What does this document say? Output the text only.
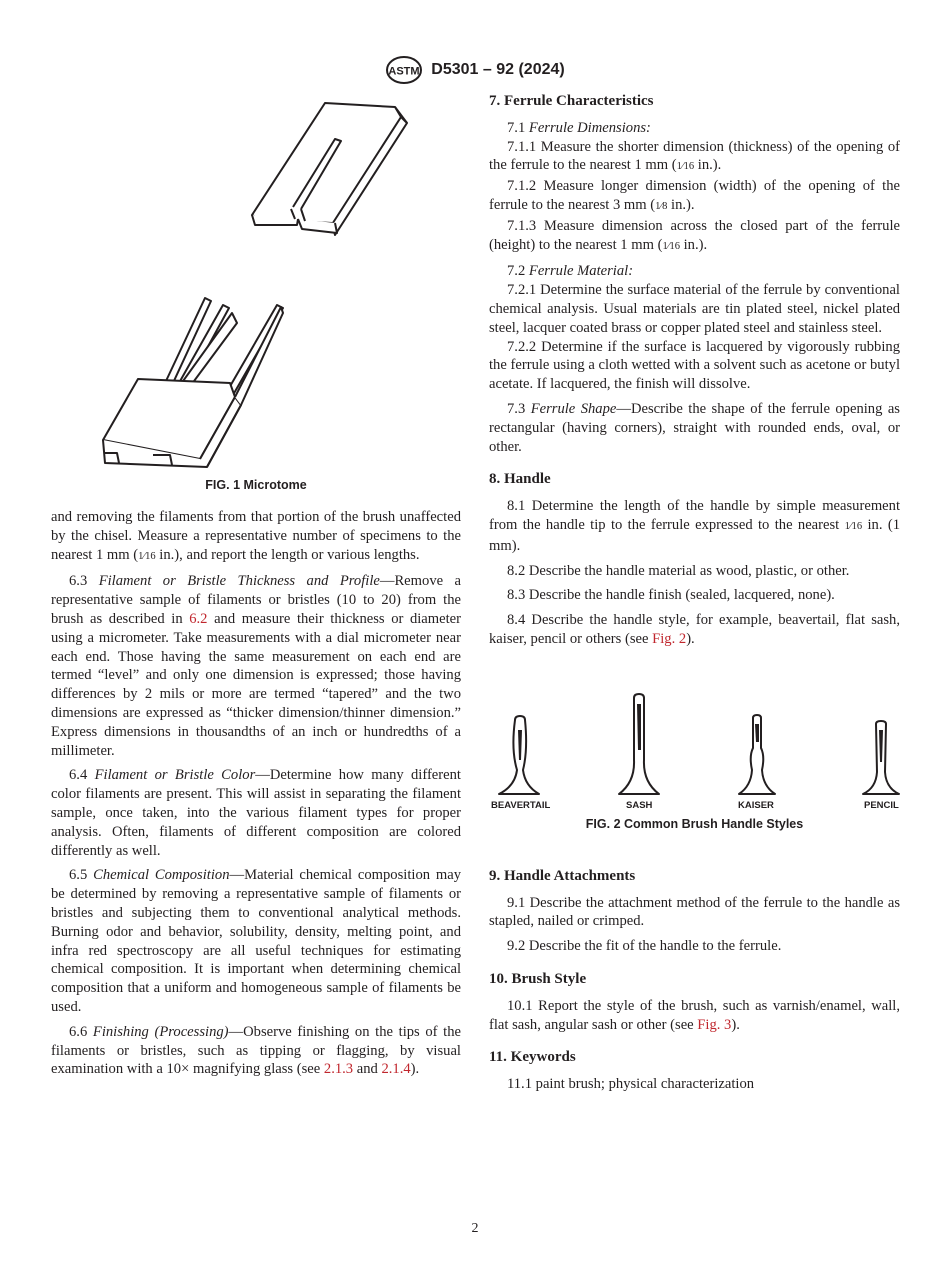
ASTM D5301 – 92 (2024)
FIG. 1 Microtome

and removing the filaments from that portion of the brush unaffected by the chisel. Measure a representative number of specimens to the nearest 1 mm (1⁄16 in.), and report the length or various lengths.

6.3 Filament or Bristle Thickness and Profile—Remove a representative sample of filaments or bristles (10 to 20) from the brush as described in 6.2 and measure their thickness or diameter using a micrometer. Take measurements with a dial micrometer near each end. Those having the same measurement on each end are termed “level” and only one dimension is expressed; those having differences by 2 mils or more are termed “tapered” and the two dimensions are expressed as “thicker dimension/thinner dimension.” Express dimensions in thousandths of an inch or hundredths of a millimeter.

6.4 Filament or Bristle Color—Determine how many different color filaments are present. This will assist in separating the filament sample, once taken, into the various filament types for proper analysis. Often, filaments of different composition are colored differently as well.

6.5 Chemical Composition—Material chemical composition may be determined by removing a representative sample of filaments or bristles and subjecting them to conventional analytical methods. Burning odor and behavior, solubility, density, melting point, and infra red spectroscopy are all useful techniques for estimating chemical composition. It is important when determining chemical composition that a uniform and homogeneous sample of filaments be used.

6.6 Finishing (Processing)—Observe finishing on the tips of the filaments or bristles, such as tipping or flagging, by visual examination with a 10× magnifying glass (see 2.1.3 and 2.1.4).

7. Ferrule Characteristics

7.1 Ferrule Dimensions:

7.1.1 Measure the shorter dimension (thickness) of the opening of the ferrule to the nearest 1 mm (1⁄16 in.).

7.1.2 Measure longer dimension (width) of the opening of the ferrule to the nearest 3 mm (1⁄8 in.).

7.1.3 Measure dimension across the closed part of the ferrule (height) to the nearest 1 mm (1⁄16 in.).

7.2 Ferrule Material:

7.2.1 Determine the surface material of the ferrule by conventional chemical analysis. Usual materials are tin plated steel, nickel plated steel, lacquer coated brass or copper plated steel and stainless steel.

7.2.2 Determine if the surface is lacquered by vigorously rubbing the ferrule using a cloth wetted with a solvent such as acetone or butyl acetate. If lacquered, the finish will dissolve.

7.3 Ferrule Shape—Describe the shape of the ferrule opening as rectangular (having corners), straight with rounded ends, oval, or other.

8. Handle

8.1 Determine the length of the handle by simple measurement from the handle tip to the ferrule expressed to the nearest 1⁄16 in. (1 mm).

8.2 Describe the handle material as wood, plastic, or other.

8.3 Describe the handle finish (sealed, lacquered, none).

8.4 Describe the handle style, for example, beavertail, flat sash, kaiser, pencil or others (see Fig. 2).

9. Handle Attachments

9.1 Describe the attachment method of the ferrule to the handle as stapled, nailed or crimped.

9.2 Describe the fit of the handle to the ferrule.

10. Brush Style

10.1 Report the style of the brush, such as varnish/enamel, wall, flat sash, angular sash or other (see Fig. 3).

11. Keywords

11.1 paint brush; physical characterization

BEAVERTAIL	SASH	KAISER	PENCIL
FIG. 2 Common Brush Handle Styles
2
